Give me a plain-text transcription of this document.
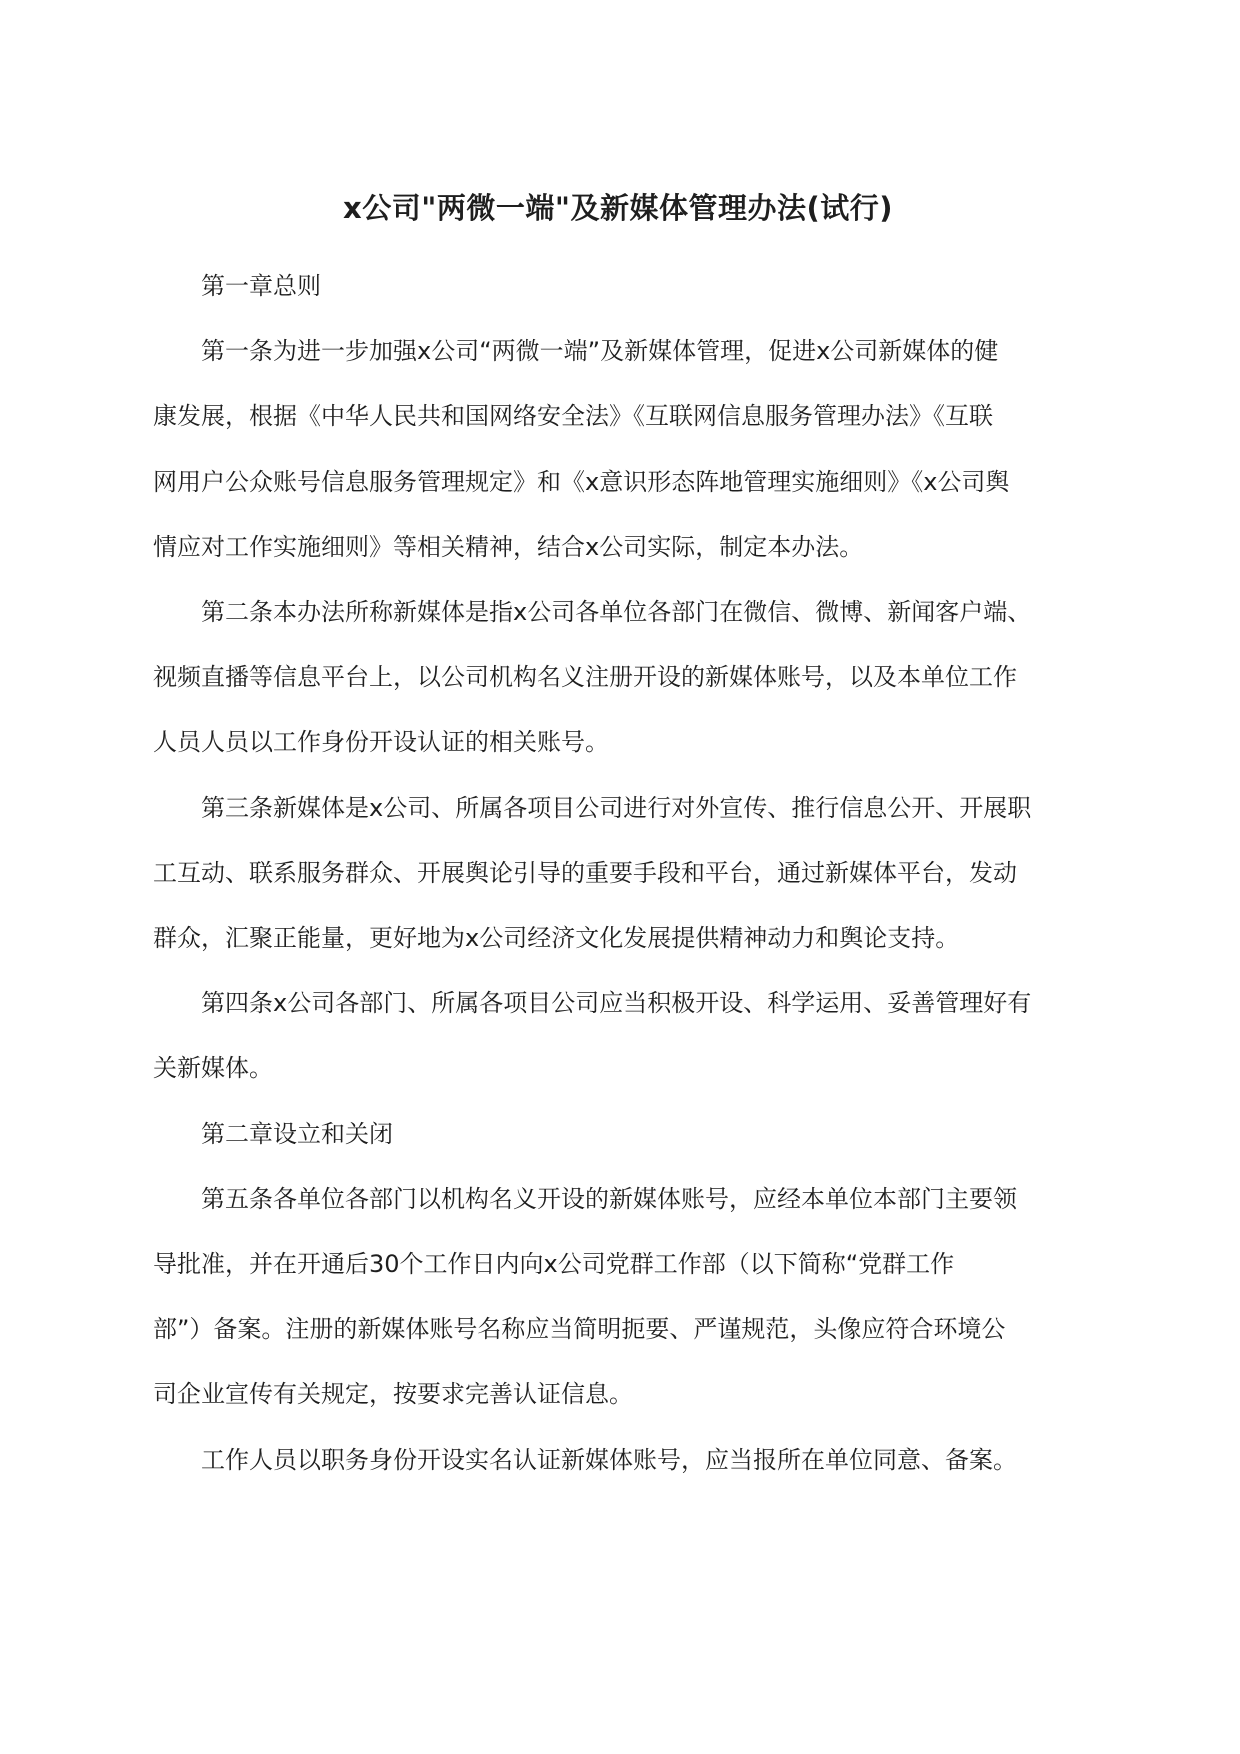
x公司"两微一端"及新媒体管理办法(试行)

第一章总则

第一条为进一步加强x公司“两微一端”及新媒体管理，促进x公司新媒体的健
康发展，根据《中华人民共和国网络安全法》《互联网信息服务管理办法》《互联
网用户公众账号信息服务管理规定》和《x意识形态阵地管理实施细则》《x公司舆
情应对工作实施细则》等相关精神，结合x公司实际，制定本办法。

第二条本办法所称新媒体是指x公司各单位各部门在微信、微博、新闻客户端、
视频直播等信息平台上，以公司机构名义注册开设的新媒体账号，以及本单位工作
人员人员以工作身份开设认证的相关账号。

第三条新媒体是x公司、所属各项目公司进行对外宣传、推行信息公开、开展职
工互动、联系服务群众、开展舆论引导的重要手段和平台，通过新媒体平台，发动
群众，汇聚正能量，更好地为x公司经济文化发展提供精神动力和舆论支持。

第四条x公司各部门、所属各项目公司应当积极开设、科学运用、妥善管理好有
关新媒体。

第二章设立和关闭

第五条各单位各部门以机构名义开设的新媒体账号，应经本单位本部门主要领
导批准，并在开通后30个工作日内向x公司党群工作部（以下简称“党群工作
部”）备案。注册的新媒体账号名称应当简明扼要、严谨规范，头像应符合环境公
司企业宣传有关规定，按要求完善认证信息。

工作人员以职务身份开设实名认证新媒体账号，应当报所在单位同意、备案。
